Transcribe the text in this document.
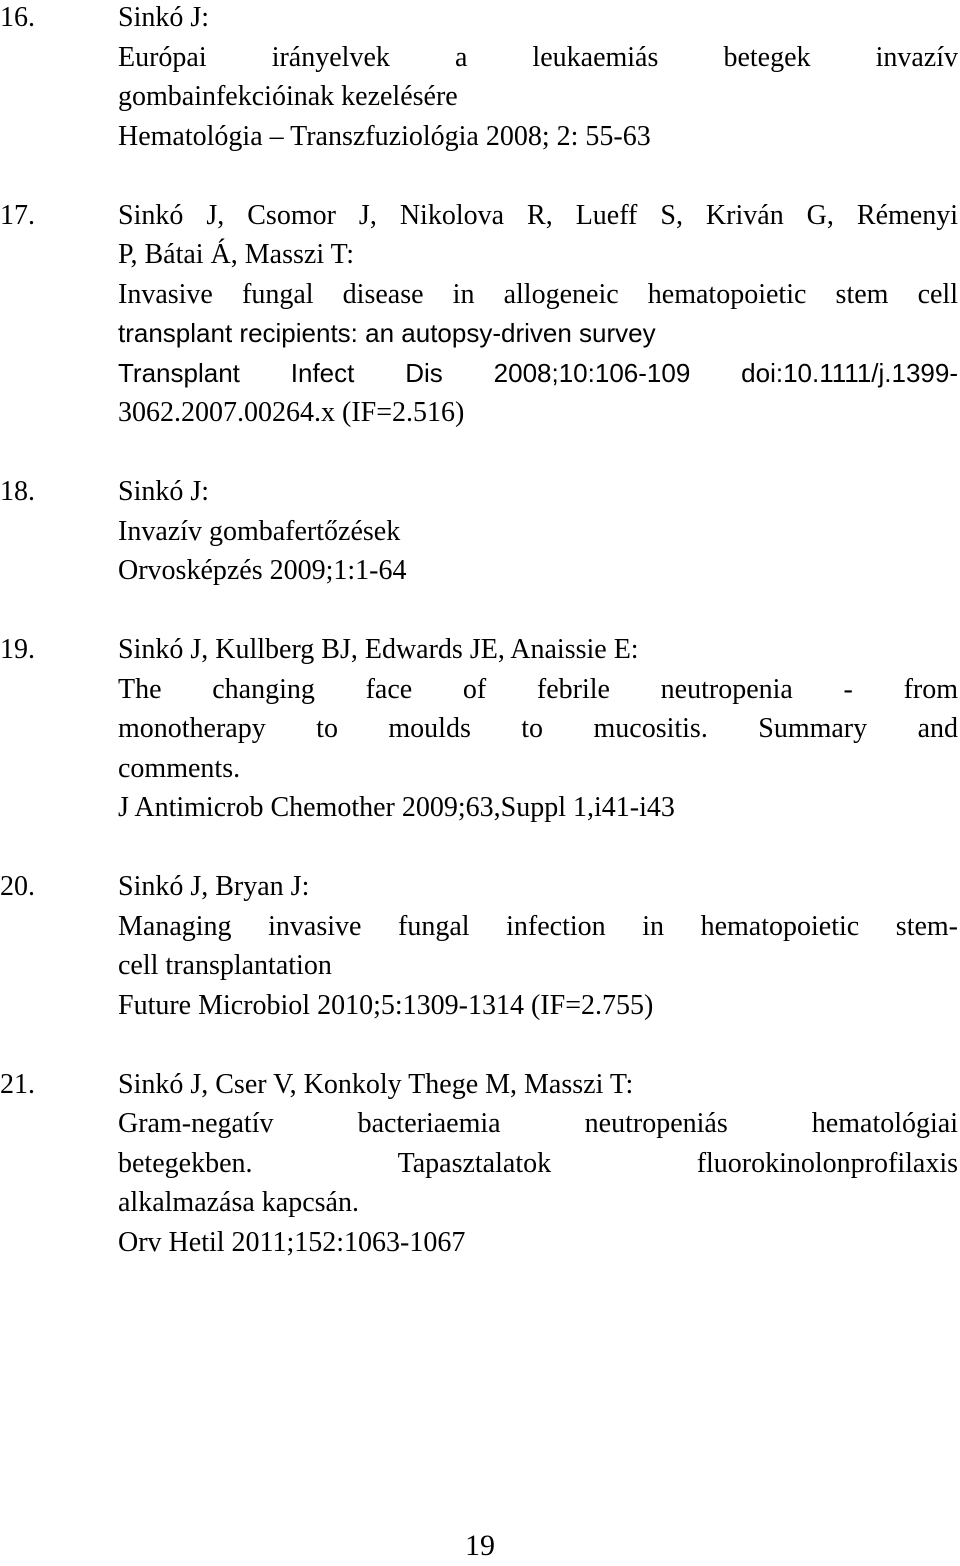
16.	Sinkó J:
Európai irányelvek a leukaemiás betegek invazív
gombainfekcióinak kezelésére
Hematológia – Transzfuziológia 2008; 2: 55-63
17.	Sinkó J, Csomor J, Nikolova R, Lueff S, Kriván G, Rémenyi
P, Bátai Á, Masszi T:
Invasive fungal disease in allogeneic hematopoietic stem cell
transplant recipients: an autopsy-driven survey
Transplant Infect Dis 2008;10:106-109 doi:10.1111/j.1399-
3062.2007.00264.x (IF=2.516)
18.	Sinkó J:
Invazív gombafertőzések
Orvosképzés 2009;1:1-64
19.	Sinkó J, Kullberg BJ, Edwards JE, Anaissie E:
The changing face of febrile neutropenia - from
monotherapy to moulds to mucositis. Summary and
comments.
J Antimicrob Chemother 2009;63,Suppl 1,i41-i43
20.	Sinkó J, Bryan J:
Managing invasive fungal infection in hematopoietic stem-
cell transplantation
Future Microbiol 2010;5:1309-1314 (IF=2.755)
21.	Sinkó J, Cser V, Konkoly Thege M, Masszi T:
Gram-negatív bacteriaemia neutropeniás hematológiai
betegekben. Tapasztalatok fluorokinolonprofilaxis
alkalmazása kapcsán.
Orv Hetil 2011;152:1063-1067
19
